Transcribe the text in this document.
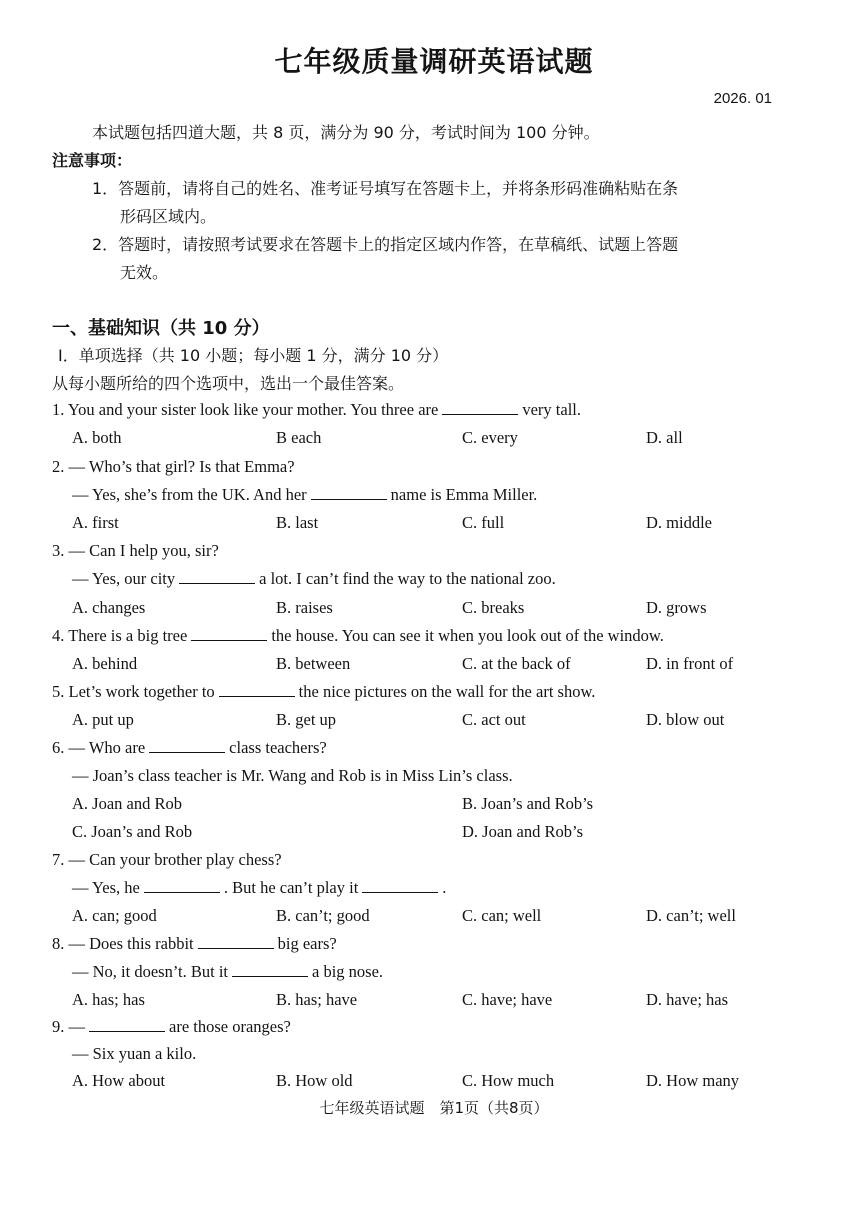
七年级质量调研英语试题
2026. 01
本试题包括四道大题，共 8 页，满分为 90 分，考试时间为 100 分钟。
注意事项：
1．答题前，请将自己的姓名、准考证号填写在答题卡上，并将条形码准确粘贴在条
形码区域内。
2．答题时，请按照考试要求在答题卡上的指定区域内作答，在草稿纸、试题上答题
无效。
一、基础知识（共 10 分）
Ⅰ．单项选择（共 10 小题；每小题 1 分，满分 10 分）
从每小题所给的四个选项中，选出一个最佳答案。
1. You and your sister look like your mother. You three are	very tall.
A. both	B each	C. every	D. all
2. — Who’s that girl? Is that Emma?
— Yes, she’s from the UK. And her	name is Emma Miller.
A. first	B. last	C. full	D. middle
3. — Can I help you, sir?
— Yes, our city	a lot. I can’t find the way to the national zoo.
A. changes	B. raises	C. breaks	D. grows
4. There is a big tree	the house. You can see it when you look out of the window.
A. behind	B. between	C. at the back of	D. in front of
5. Let’s work together to	the nice pictures on the wall for the art show.
A. put up	B. get up	C. act out	D. blow out
6. — Who are	class teachers?
— Joan’s class teacher is Mr. Wang and Rob is in Miss Lin’s class.
A. Joan and Rob	B. Joan’s and Rob’s
C. Joan’s and Rob	D. Joan and Rob’s
7. — Can your brother play chess?
— Yes, he	. But he can’t play it	.
A. can; good	B. can’t; good	C. can; well	D. can’t; well
8. — Does this rabbit	big ears?
— No, it doesn’t. But it	a big nose.
A. has; has	B. has; have	C. have; have	D. have; has
9. —	are those oranges?
— Six yuan a kilo.
A. How about	B. How old	C. How much	D. How many
七年级英语试题　第1页（共8页）
